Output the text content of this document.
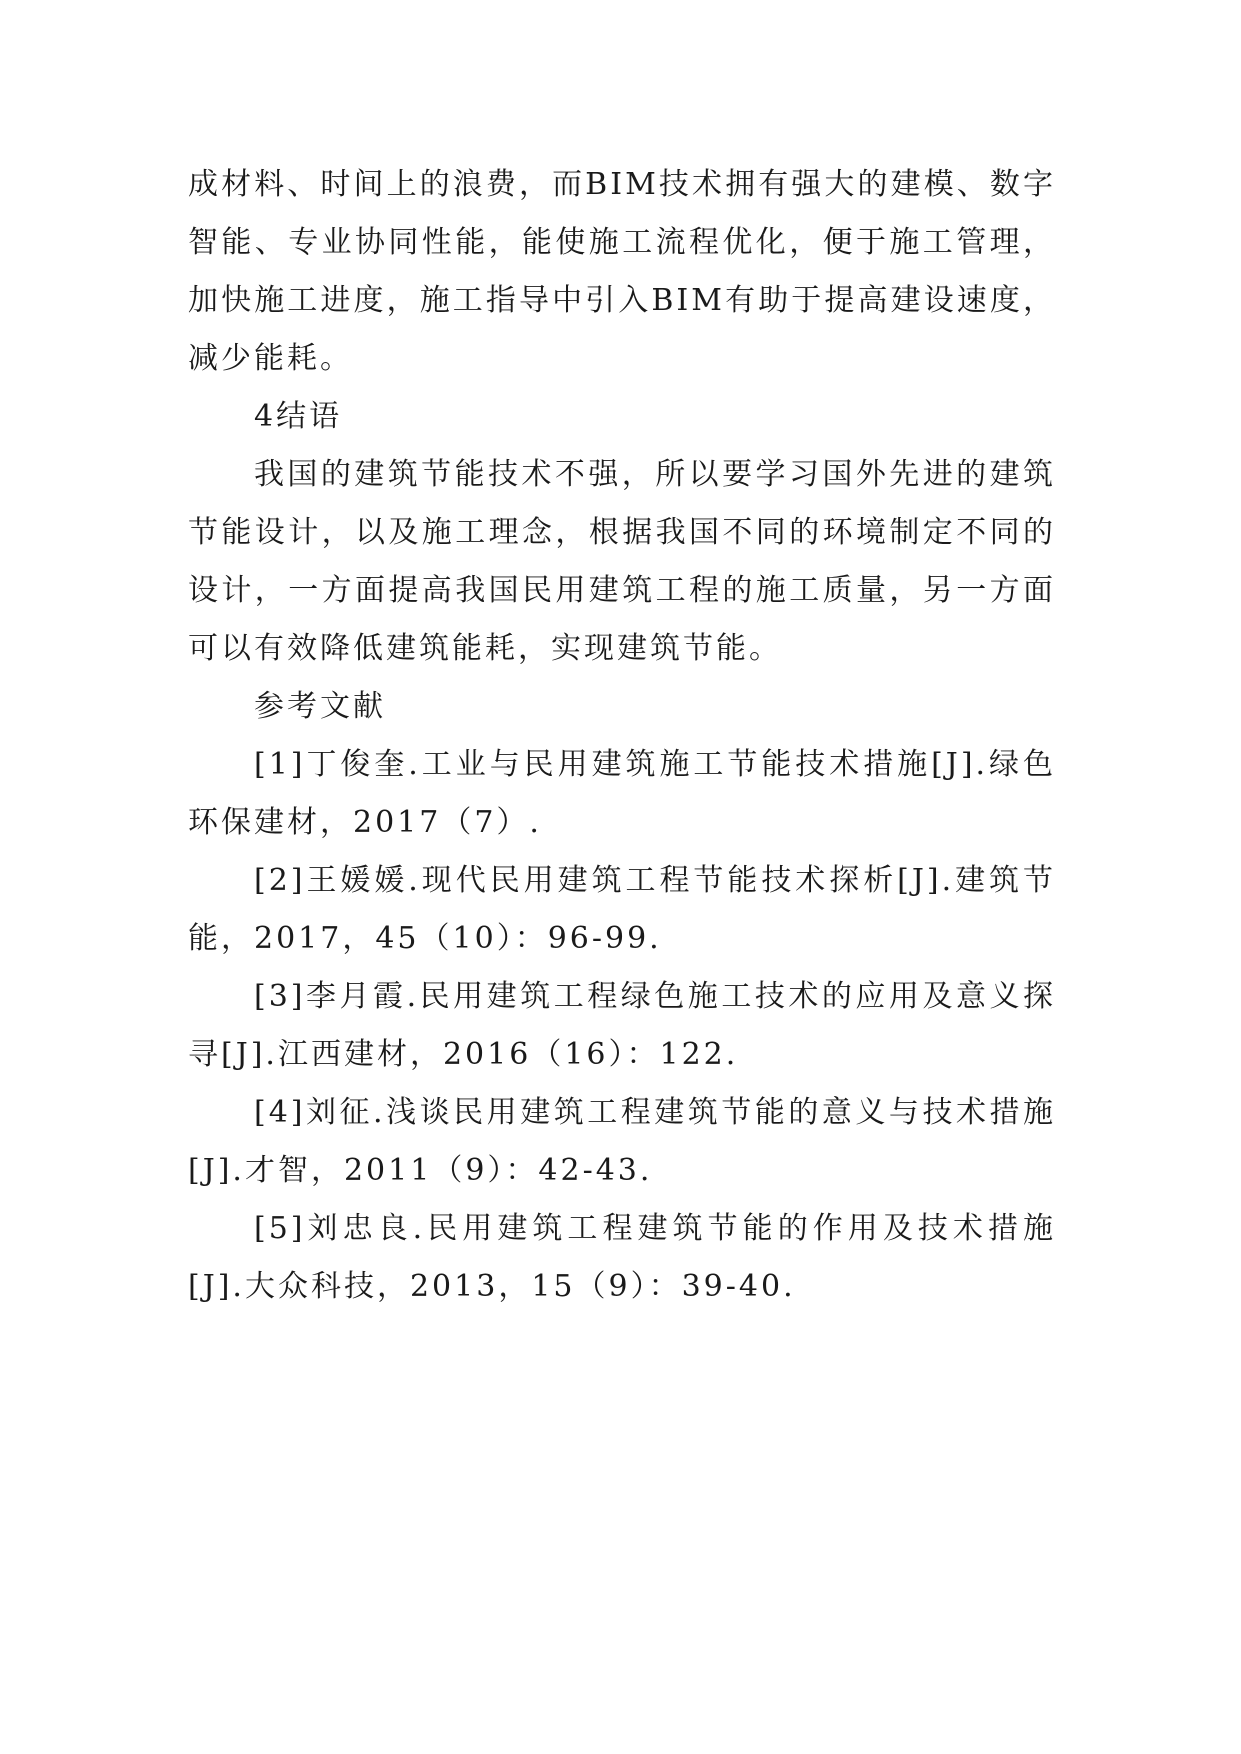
成材料、时间上的浪费，而BIM技术拥有强大的建模、数字智能、专业协同性能，能使施工流程优化，便于施工管理，加快施工进度，施工指导中引入BIM有助于提高建设速度，减少能耗。

4结语

我国的建筑节能技术不强，所以要学习国外先进的建筑节能设计，以及施工理念，根据我国不同的环境制定不同的设计，一方面提高我国民用建筑工程的施工质量，另一方面可以有效降低建筑能耗，实现建筑节能。

参考文献

[1]丁俊奎.工业与民用建筑施工节能技术措施[J].绿色环保建材，2017（7）.
[2]王媛媛.现代民用建筑工程节能技术探析[J].建筑节能，2017，45（10）：96-99.
[3]李月霞.民用建筑工程绿色施工技术的应用及意义探寻[J].江西建材，2016（16）：122.
[4]刘征.浅谈民用建筑工程建筑节能的意义与技术措施[J].才智，2011（9）：42-43.
[5]刘忠良.民用建筑工程建筑节能的作用及技术措施[J].大众科技，2013，15（9）：39-40.
